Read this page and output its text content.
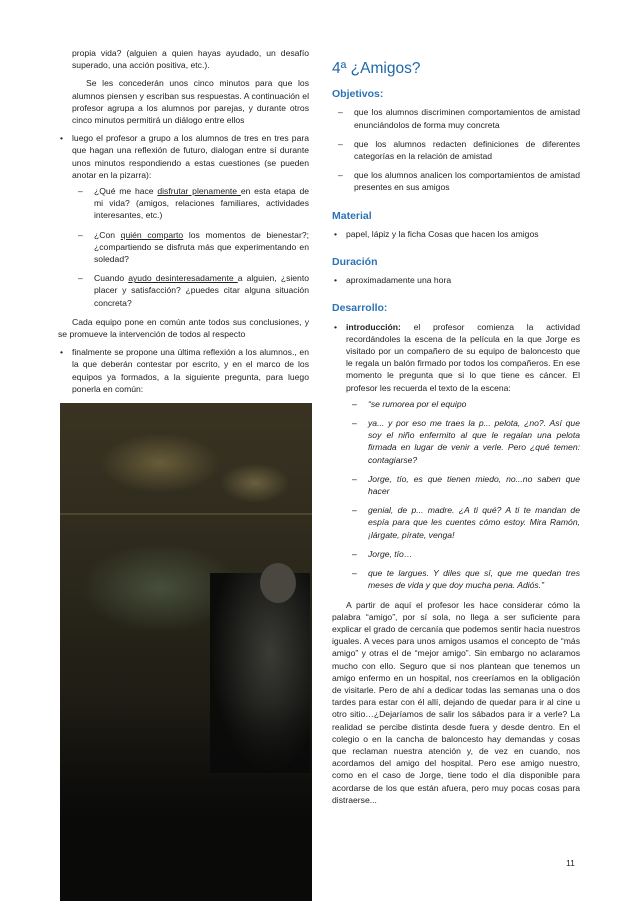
propia vida? (alguien a quien hayas ayudado, un desafío superado, una acción positiva, etc.).

Se les concederán unos cinco minutos para que los alumnos piensen y escriban sus respuestas. A continuación el profesor agrupa a los alumnos por parejas, y durante otros cinco minutos permitirá un diálogo entre ellos

• luego el profesor a grupo a los alumnos de tres en tres para que hagan una reflexión de futuro, dialogan entre sí durante unos minutos respondiendo a estas cuestiones (se pueden anotar en la pizarra):
– ¿Qué me hace disfrutar plenamente en esta etapa de mi vida? (amigos, relaciones familiares, actividades interesantes, etc.)
– ¿Con quién comparto los momentos de bienestar?; ¿compartiendo se disfruta más que experimentando en soledad?
– Cuando ayudo desinteresadamente a alguien, ¿siento placer y satisfacción? ¿puedes citar alguna situación concreta?

Cada equipo pone en común ante todos sus conclusiones, y se promueve la intervención de todos al respecto

• finalmente se propone una última reflexión a los alumnos., en la que deberán contestar por escrito, y en el marco de los equipos ya formados, a la siguiente pregunta, para luego ponerla en común:

4ª ¿Amigos?
Objetivos:
– que los alumnos discriminen comportamientos de amistad enunciándolos de forma muy concreta
– que los alumnos redacten definiciones de diferentes categorías en la relación de amistad
– que los alumnos analicen los comportamientos de amistad presentes en sus amigos
Material
• papel, lápiz y la ficha Cosas que hacen los amigos
Duración
• aproximadamente una hora
Desarrollo:
• introducción: el profesor comienza la actividad recordándoles la escena de la película en la que Jorge es visitado por un compañero de su equipo de baloncesto que le regala un balón firmado por todos los compañeros. En ese momento le pregunta que si lo que tiene es cáncer. El profesor les recuerda el texto de la escena:
– “se rumorea por el equipo
– ya... y por eso me traes la p... pelota, ¿no?. Así que soy el niño enfermito al que le regalan una pelota firmada en lugar de venir a verle. Pero ¿qué temen: contagiarse?
– Jorge, tío, es que tienen miedo, no...no saben que hacer
– genial, de p... madre. ¿A ti qué? A ti te mandan de espía para que les cuentes cómo estoy. Mira Ramón, ¡lárgate, pírate, venga!
– Jorge, tío…
– que te largues. Y diles que sí, que me quedan tres meses de vida y que doy mucha pena. Adiós.”

A partir de aquí el profesor les hace considerar cómo la palabra “amigo”, por sí sola, no llega a ser suficiente para explicar el grado de cercanía que podemos sentir hacia nuestros iguales. A veces para unos amigos usamos el concepto de “más amigo” y otras el de “mejor amigo”. Sin embargo no aclaramos mucho con ello. Seguro que si nos plantean que tenemos un amigo enfermo en un hospital, nos creeríamos en la obligación de visitarle. Pero de ahí a dedicar todas las semanas una o dos tardes para estar con él allí, dejando de quedar para ir al cine u otro sitio…¿Dejaríamos de salir los sábados para ir a verle? La realidad se percibe distinta desde fuera y desde dentro. En el colegio o en la cancha de baloncesto hay demandas y cosas que reclaman nuestra atención y, de vez en cuando, nos acordamos del amigo del hospital. Pero ese amigo nuestro, como en el caso de Jorge, tiene todo el día disponible para acordarse de los que están afuera, pero muy pocas cosas para distraerse...

11
